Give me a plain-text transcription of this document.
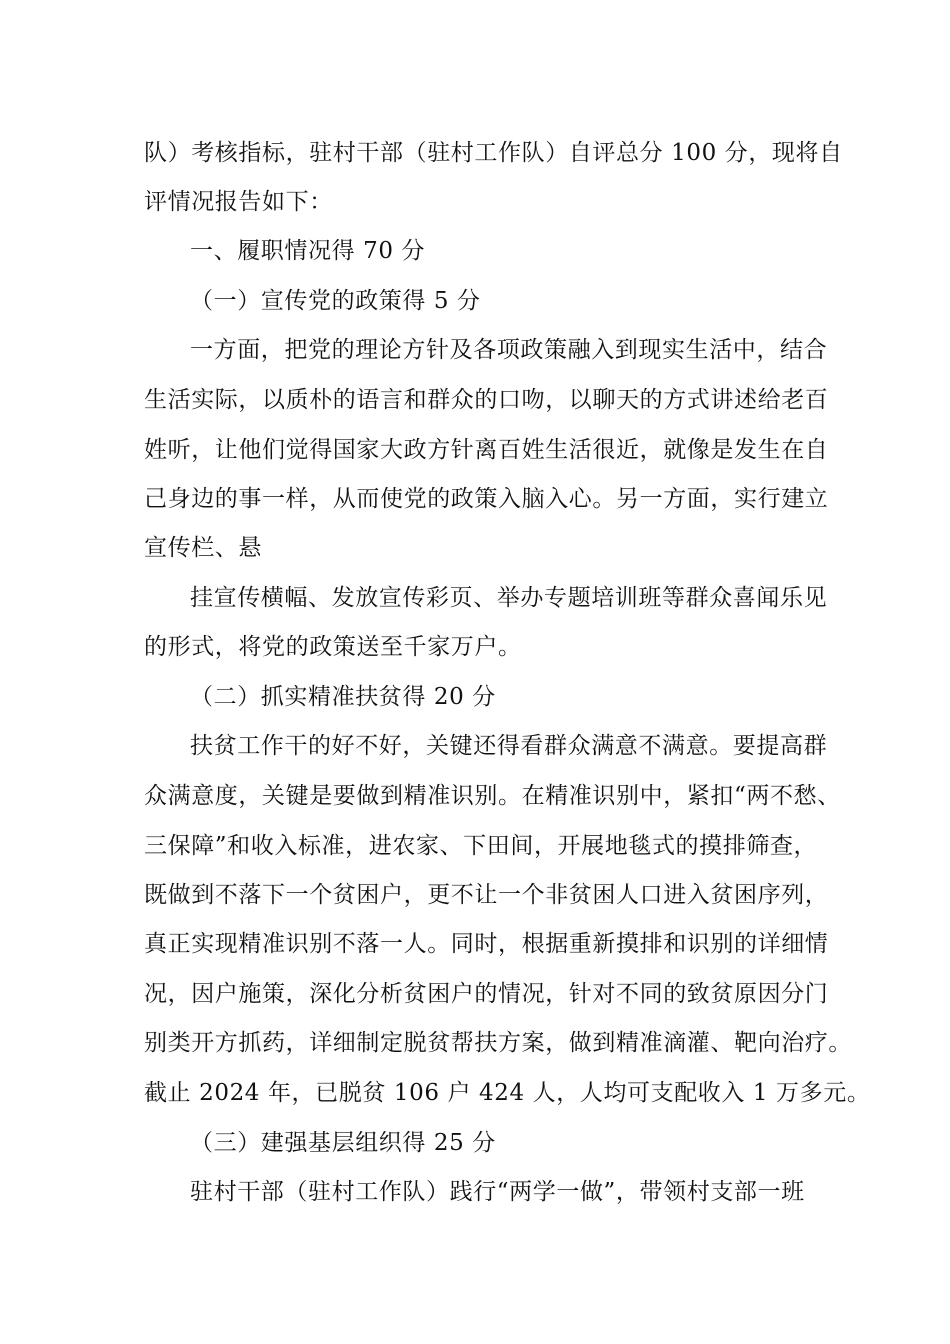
队）考核指标，驻村干部（驻村工作队）自评总分 100 分，现将自
评情况报告如下：
一、履职情况得 70 分
（一）宣传党的政策得 5 分
一方面，把党的理论方针及各项政策融入到现实生活中，结合
生活实际，以质朴的语言和群众的口吻，以聊天的方式讲述给老百
姓听，让他们觉得国家大政方针离百姓生活很近，就像是发生在自
己身边的事一样，从而使党的政策入脑入心。另一方面，实行建立
宣传栏、悬
挂宣传横幅、发放宣传彩页、举办专题培训班等群众喜闻乐见
的形式，将党的政策送至千家万户。
（二）抓实精准扶贫得 20 分
扶贫工作干的好不好，关键还得看群众满意不满意。要提高群
众满意度，关键是要做到精准识别。在精准识别中，紧扣“两不愁、
三保障”和收入标准，进农家、下田间，开展地毯式的摸排筛查，
既做到不落下一个贫困户，更不让一个非贫困人口进入贫困序列，
真正实现精准识别不落一人。同时，根据重新摸排和识别的详细情
况，因户施策，深化分析贫困户的情况，针对不同的致贫原因分门
别类开方抓药，详细制定脱贫帮扶方案，做到精准滴灌、靶向治疗。
截止 2024 年，已脱贫 106 户 424 人，人均可支配收入 1 万多元。
（三）建强基层组织得 25 分
驻村干部（驻村工作队）践行“两学一做”，带领村支部一班
